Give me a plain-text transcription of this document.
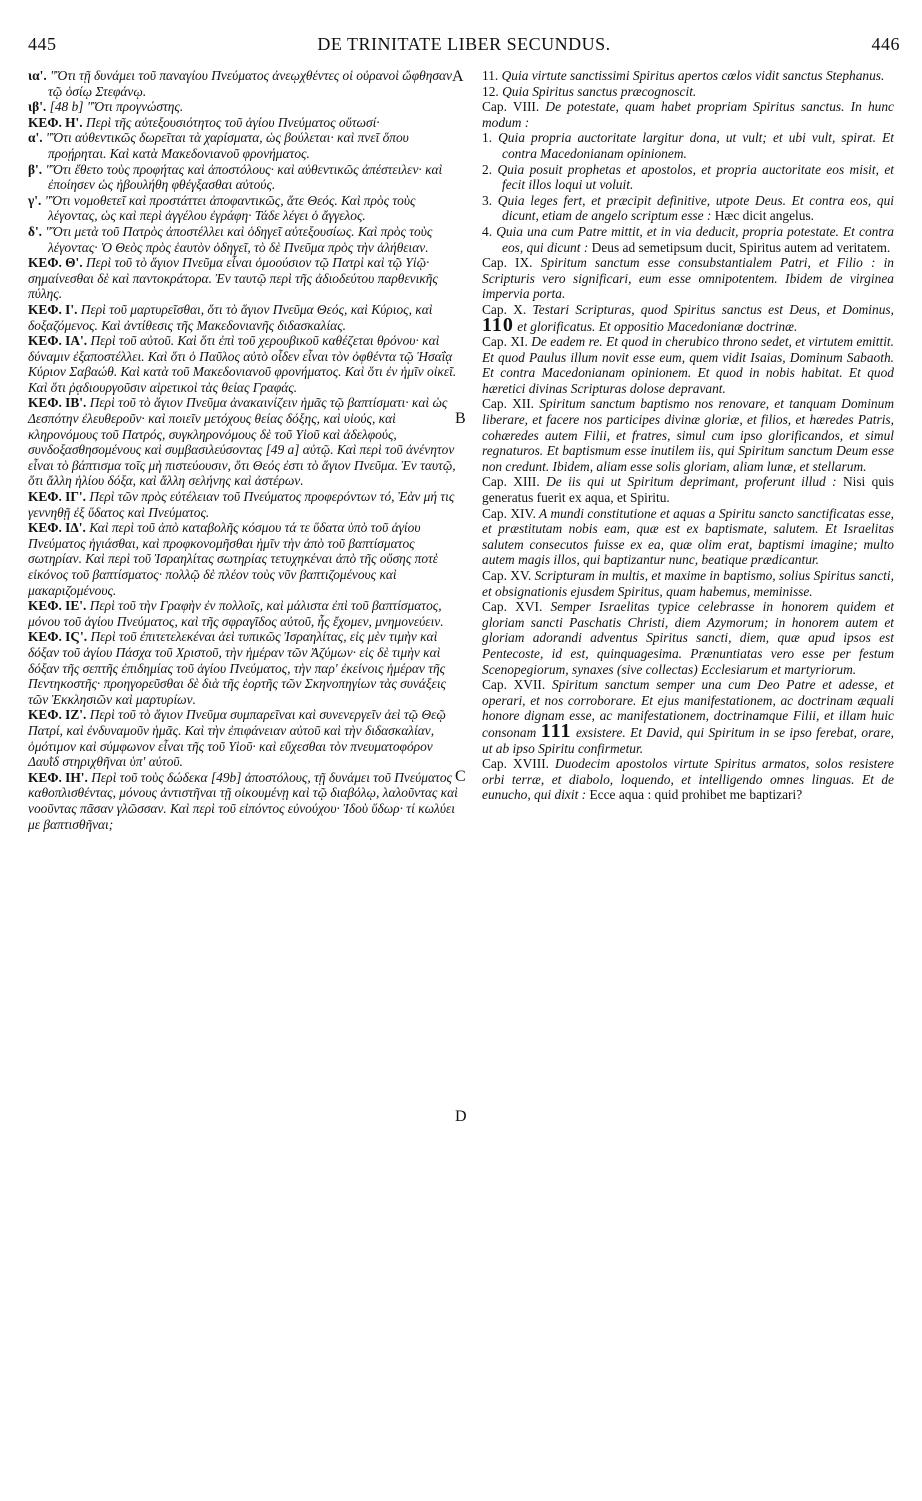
445	DE TRINITATE LIBER SECUNDUS.	446
A
B
C
D

ια'. "Ὅτι τῇ δυνάμει τοῦ παναγίου Πνεύματος ἀνεῳχθέντες οἱ οὐρανοὶ ὤφθησαν τῷ ὁσίῳ Στεφάνῳ.

ιβ'. [48 b] "Ὅτι προγνώστης.

ΚΕΦ. Η'. Περὶ τῆς αὐτεξουσιότητος τοῦ ἁγίου Πνεύματος οὕτωσί·

α'. "Ὅτι αὐθεντικῶς δωρεῖται τὰ χαρίσματα, ὡς βούλεται· καὶ πνεῖ ὅπου προῄρηται. Καὶ κατὰ Μακεδονιανοῦ φρονήματος.

β'. "Ὅτι ἔθετο τοὺς προφήτας καὶ ἀποστόλους· καὶ αὐθεντικῶς ἀπέστειλεν· καὶ ἐποίησεν ὡς ἠβουλήθη φθέγξασθαι αὐτούς.

γ'. "Ὅτι νομοθετεῖ καὶ προστάττει ἀποφαντικῶς, ἅτε Θεός. Καὶ πρὸς τοὺς λέγοντας, ὡς καὶ περὶ ἀγγέλου ἐγράφη· Τάδε λέγει ὁ ἄγγελος.

δ'. "Ὅτι μετὰ τοῦ Πατρὸς ἀποστέλλει καὶ ὁδηγεῖ αὐτεξουσίως. Καὶ πρὸς τοὺς λέγοντας· Ὁ Θεὸς πρὸς ἑαυτὸν ὁδηγεῖ, τὸ δὲ Πνεῦμα πρὸς τὴν ἀλήθειαν.

ΚΕΦ. Θ'. Περὶ τοῦ τὸ ἅγιον Πνεῦμα εἶναι ὁμοούσιον τῷ Πατρὶ καὶ τῷ Υἱῷ· σημαίνεσθαι δὲ καὶ παντοκράτορα. Ἐν ταυτῷ περὶ τῆς ἀδιοδεύτου παρθενικῆς πύλης.

ΚΕΦ. Ι'. Περὶ τοῦ μαρτυρεῖσθαι, ὅτι τὸ ἅγιον Πνεῦμα Θεός, καὶ Κύριος, καὶ δοξαζόμενος. Καὶ ἀντίθεσις τῆς Μακεδονιανῆς διδασκαλίας.

ΚΕΦ. ΙΑ'. Περὶ τοῦ αὐτοῦ. Καὶ ὅτι ἐπὶ τοῦ χερουβικοῦ καθέζεται θρόνου· καὶ δύναμιν ἐξαποστέλλει. Καὶ ὅτι ὁ Παῦλος αὐτὸ οἶδεν εἶναι τὸν ὀφθέντα τῷ Ἡσαΐᾳ Κύριον Σαβαώθ. Καὶ κατὰ τοῦ Μακεδονιανοῦ φρονήματος. Καὶ ὅτι ἐν ἡμῖν οἰκεῖ. Καὶ ὅτι ῥᾳδιουργοῦσιν αἱρετικοὶ τὰς θείας Γραφάς.

ΚΕΦ. ΙΒ'. Περὶ τοῦ τὸ ἅγιον Πνεῦμα ἀνακαινίζειν ἡμᾶς τῷ βαπτίσματι· καὶ ὡς Δεσπότην ἐλευθεροῦν· καὶ ποιεῖν μετόχους θείας δόξης, καὶ υἱούς, καὶ κληρονόμους τοῦ Πατρός, συγκληρονόμους δὲ τοῦ Υἱοῦ καὶ ἀδελφούς, συνδοξασθησομένους καὶ συμβασιλεύσοντας [49 a] αὐτῷ. Καὶ περὶ τοῦ ἀνένητον εἶναι τὸ βάπτισμα τοῖς μὴ πιστεύουσιν, ὅτι Θεός ἐστι τὸ ἅγιον Πνεῦμα. Ἐν ταυτῷ, ὅτι ἄλλη ἡλίου δόξα, καὶ ἄλλη σελήνης καὶ ἀστέρων.

ΚΕΦ. ΙΓ'. Περὶ τῶν πρὸς εὐτέλειαν τοῦ Πνεύματος προφερόντων τό, Ἐὰν μή τις γεννηθῇ ἐξ ὕδατος καὶ Πνεύματος.

ΚΕΦ. ΙΔ'. Καὶ περὶ τοῦ ἀπὸ καταβολῆς κόσμου τά τε ὕδατα ὑπὸ τοῦ ἁγίου Πνεύματος ἡγιάσθαι, καὶ προφκονομῆσθαι ἡμῖν τὴν ἀπὸ τοῦ βαπτίσματος σωτηρίαν. Καὶ περὶ τοῦ Ἰσραηλίτας σωτηρίας τετυχηκέναι ἀπὸ τῆς οὔσης ποτὲ εἰκόνος τοῦ βαπτίσματος· πολλῷ δὲ πλέον τοὺς νῦν βαπτιζομένους καὶ μακαριζομένους.

ΚΕΦ. ΙΕ'. Περὶ τοῦ τὴν Γραφὴν ἐν πολλοῖς, καὶ μάλιστα ἐπὶ τοῦ βαπτίσματος, μόνου τοῦ ἁγίου Πνεύματος, καὶ τῆς σφραγῖδος αὐτοῦ, ἧς ἔχομεν, μνημονεύειν.

ΚΕΦ. ΙϚ'. Περὶ τοῦ ἐπιτετελεκέναι ἀεὶ τυπικῶς Ἰσραηλίτας, εἰς μὲν τιμὴν καὶ δόξαν τοῦ ἁγίου Πάσχα τοῦ Χριστοῦ, τὴν ἡμέραν τῶν Ἀζύμων· εἰς δὲ τιμὴν καὶ δόξαν τῆς σεπτῆς ἐπιδημίας τοῦ ἁγίου Πνεύματος, τὴν παρ' ἐκείνοις ἡμέραν τῆς Πεντηκοστῆς· προηγορεῦσθαι δὲ διὰ τῆς ἑορτῆς τῶν Σκηνοπηγίων τὰς συνάξεις τῶν Ἐκκλησιῶν καὶ μαρτυρίων.

ΚΕΦ. ΙΖ'. Περὶ τοῦ τὸ ἅγιον Πνεῦμα συμπαρεῖναι καὶ συνενεργεῖν ἀεὶ τῷ Θεῷ Πατρί, καὶ ἐνδυναμοῦν ἡμᾶς. Καὶ τὴν ἐπιφάνειαν αὐτοῦ καὶ τὴν διδασκαλίαν, ὁμότιμον καὶ σύμφωνον εἶναι τῆς τοῦ Υἱοῦ· καὶ εὔχεσθαι τὸν πνευματοφόρον Δαυῒδ στηριχθῆναι ὑπ' αὐτοῦ.

ΚΕΦ. ΙΗ'. Περὶ τοῦ τοὺς δώδεκα [49b] ἀποστόλους, τῇ δυνάμει τοῦ Πνεύματος καθοπλισθέντας, μόνους ἀντιστῆναι τῇ οἰκουμένῃ καὶ τῷ διαβόλῳ, λαλοῦντας καὶ νοοῦντας πᾶσαν γλῶσσαν. Καὶ περὶ τοῦ εἰπόντος εὐνούχου· Ἰδοὺ ὕδωρ· τί κωλύει με βαπτισθῆναι;

11. Quia virtute sanctissimi Spiritus apertos cœlos vidit sanctus Stephanus.

12. Quia Spiritus sanctus præcognoscit.

Cap. VIII. De potestate, quam habet propriam Spiritus sanctus. In hunc modum :

1. Quia propria auctoritate largitur dona, ut vult; et ubi vult, spirat. Et contra Macedonianam opinionem.

2. Quia posuit prophetas et apostolos, et propria auctoritate eos misit, et fecit illos loqui ut voluit.

3. Quia leges fert, et præcipit definitive, utpote Deus. Et contra eos, qui dicunt, etiam de angelo scriptum esse : Hæc dicit angelus.

4. Quia una cum Patre mittit, et in via deducit, propria potestate. Et contra eos, qui dicunt : Deus ad semetipsum ducit, Spiritus autem ad veritatem.

Cap. IX. Spiritum sanctum esse consubstantialem Patri, et Filio : in Scripturis vero significari, eum esse omnipotentem. Ibidem de virginea impervia porta.

Cap. X. Testari Scripturas, quod Spiritus sanctus est Deus, et Dominus, 110 et glorificatus. Et oppositio Macedonianæ doctrinæ.

Cap. XI. De eadem re. Et quod in cherubico throno sedet, et virtutem emittit. Et quod Paulus illum novit esse eum, quem vidit Isaias, Dominum Sabaoth. Et contra Macedonianam opinionem. Et quod in nobis habitat. Et quod hæretici divinas Scripturas dolose depravant.

Cap. XII. Spiritum sanctum baptismo nos renovare, et tanquam Dominum liberare, et facere nos participes divinæ gloriæ, et filios, et hæredes Patris, cohæredes autem Filii, et fratres, simul cum ipso glorificandos, et simul regnaturos. Et baptismum esse inutilem iis, qui Spiritum sanctum Deum esse non credunt. Ibidem, aliam esse solis gloriam, aliam lunæ, et stellarum.

Cap. XIII. De iis qui ut Spiritum deprimant, proferunt illud : Nisi quis generatus fuerit ex aqua, et Spiritu.

Cap. XIV. A mundi constitutione et aquas a Spiritu sancto sanctificatas esse, et præstitutam nobis eam, quæ est ex baptismate, salutem. Et Israelitas salutem consecutos fuisse ex ea, quæ olim erat, baptismi imagine; multo autem magis illos, qui baptizantur nunc, beatique prædicantur.

Cap. XV. Scripturam in multis, et maxime in baptismo, solius Spiritus sancti, et obsignationis ejusdem Spiritus, quam habemus, meminisse.

Cap. XVI. Semper Israelitas typice celebrasse in honorem quidem et gloriam sancti Paschatis Christi, diem Azymorum; in honorem autem et gloriam adorandi adventus Spiritus sancti, diem, quæ apud ipsos est Pentecoste, id est, quinquagesima. Prænuntiatas vero esse per festum Scenopegiorum, synaxes (sive collectas) Ecclesiarum et martyriorum.

Cap. XVII. Spiritum sanctum semper una cum Deo Patre et adesse, et operari, et nos corroborare. Et ejus manifestationem, ac doctrinam æquali honore dignam esse, ac manifestationem, doctrinamque Filii, et illam huic consonam 111 exsistere. Et David, qui Spiritum in se ipso ferebat, orare, ut ab ipso Spiritu confirmetur.

Cap. XVIII. Duodecim apostolos virtute Spiritus armatos, solos resistere orbi terræ, et diabolo, loquendo, et intelligendo omnes linguas. Et de eunucho, qui dixit : Ecce aqua : quid prohibet me baptizari?
